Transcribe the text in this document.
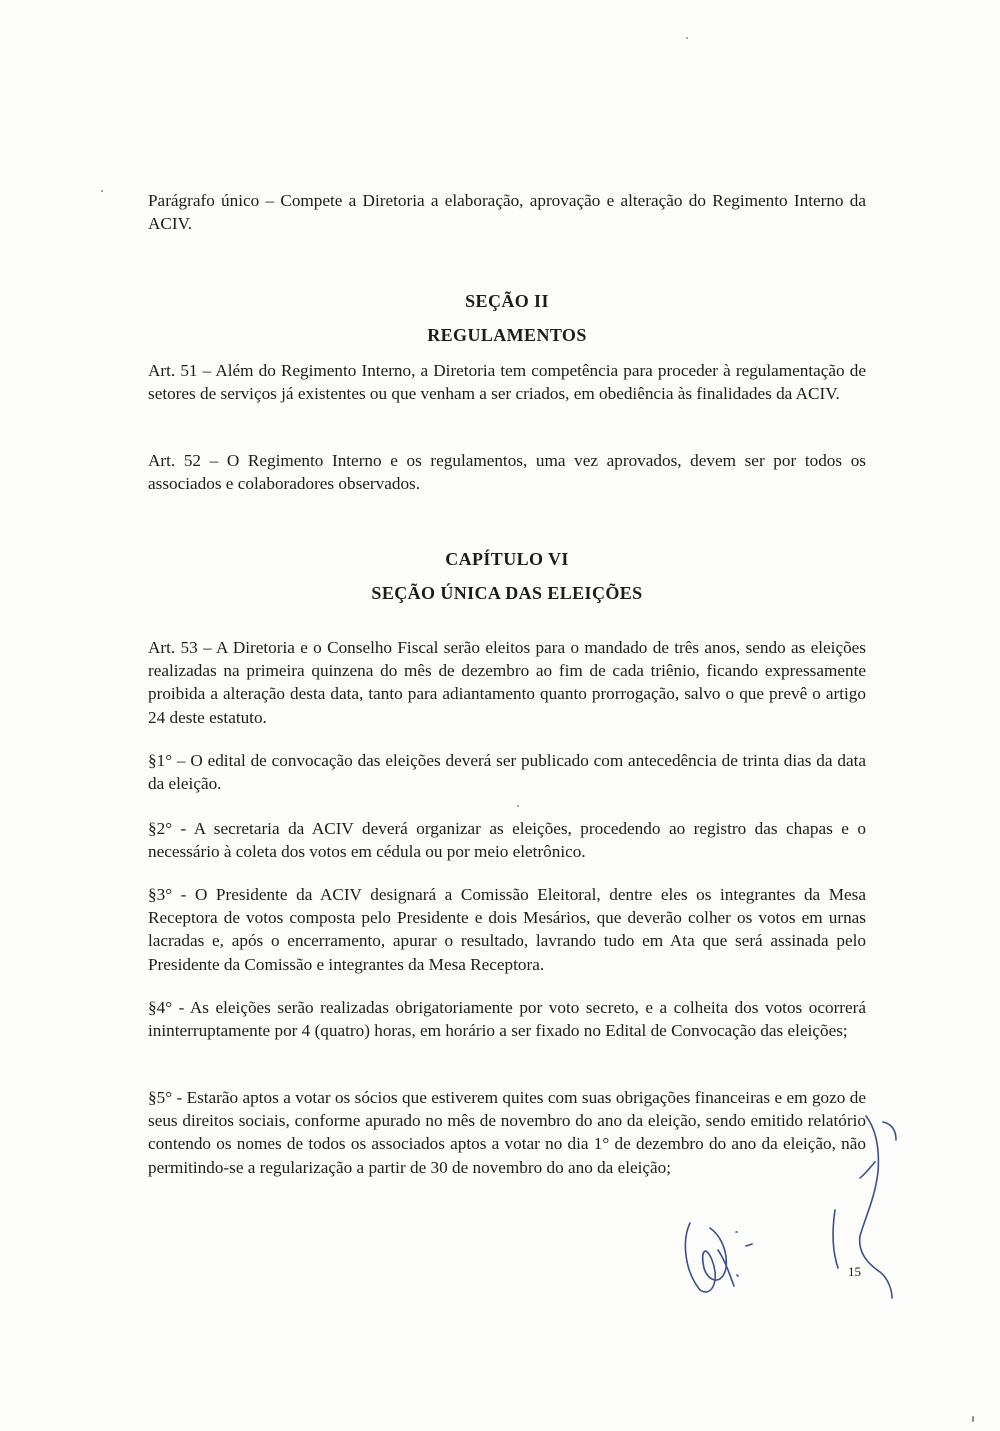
Parágrafo único – Compete a Diretoria a elaboração, aprovação e alteração do Regimento Interno da ACIV.

SEÇÃO II
REGULAMENTOS

Art. 51 – Além do Regimento Interno, a Diretoria tem competência para proceder à regulamentação de setores de serviços já existentes ou que venham a ser criados, em obediência às finalidades da ACIV.

Art. 52 – O Regimento Interno e os regulamentos, uma vez aprovados, devem ser por todos os associados e colaboradores observados.

CAPÍTULO VI
SEÇÃO ÚNICA DAS ELEIÇÕES

Art. 53 – A Diretoria e o Conselho Fiscal serão eleitos para o mandado de três anos, sendo as eleições realizadas na primeira quinzena do mês de dezembro ao fim de cada triênio, ficando expressamente proibida a alteração desta data, tanto para adiantamento quanto prorrogação, salvo o que prevê o artigo 24 deste estatuto.

§1° – O edital de convocação das eleições deverá ser publicado com antecedência de trinta dias da data da eleição.

§2° - A secretaria da ACIV deverá organizar as eleições, procedendo ao registro das chapas e o necessário à coleta dos votos em cédula ou por meio eletrônico.

§3° - O Presidente da ACIV designará a Comissão Eleitoral, dentre eles os integrantes da Mesa Receptora de votos composta pelo Presidente e dois Mesários, que deverão colher os votos em urnas lacradas e, após o encerramento, apurar o resultado, lavrando tudo em Ata que será assinada pelo Presidente da Comissão e integrantes da Mesa Receptora.

§4° - As eleições serão realizadas obrigatoriamente por voto secreto, e a colheita dos votos ocorrerá ininterruptamente por 4 (quatro) horas, em horário a ser fixado no Edital de Convocação das eleições;

§5° - Estarão aptos a votar os sócios que estiverem quites com suas obrigações financeiras e em gozo de seus direitos sociais, conforme apurado no mês de novembro do ano da eleição, sendo emitido relatório contendo os nomes de todos os associados aptos a votar no dia 1° de dezembro do ano da eleição, não permitindo-se a regularização a partir de 30 de novembro do ano da eleição;

15
